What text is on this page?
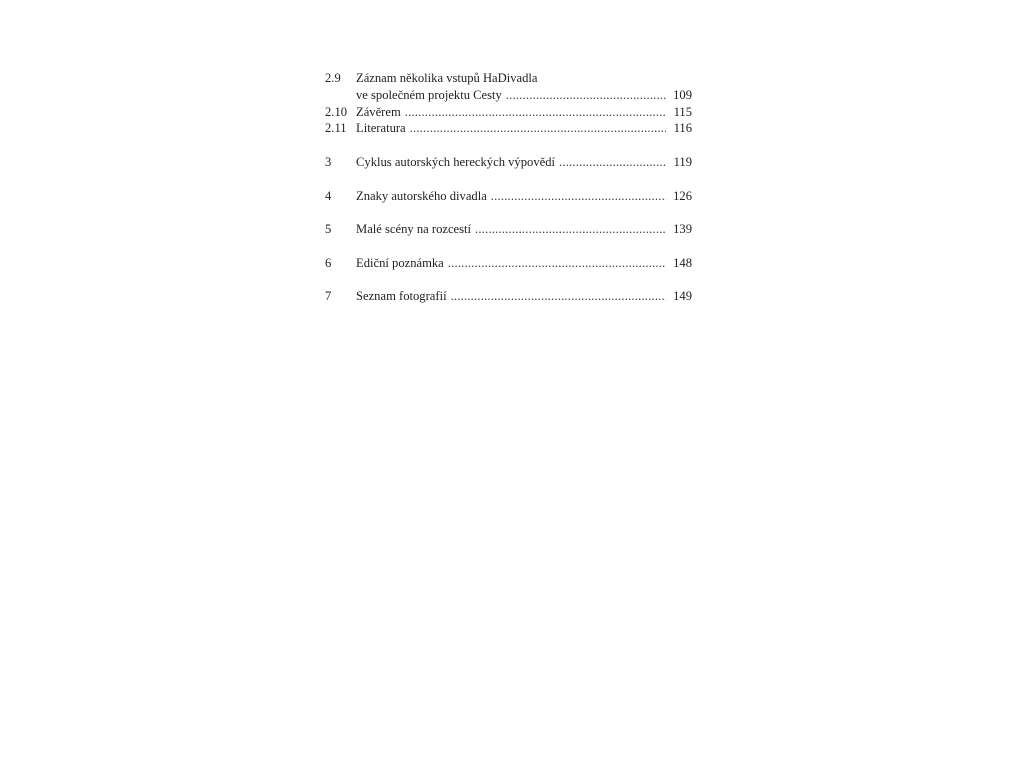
2.9	Záznam několika vstupů HaDivadla
ve společném projektu Cesty .....	109
2.10 Závěrem .....	115
2.11 Literatura .....	116
3	Cyklus autorských hereckých výpovědí .....	119
4	Znaky autorského divadla .....	126
5	Malé scény na rozcestí .....	139
6	Ediční poznámka .....	148
7	Seznam fotografií .....	149
